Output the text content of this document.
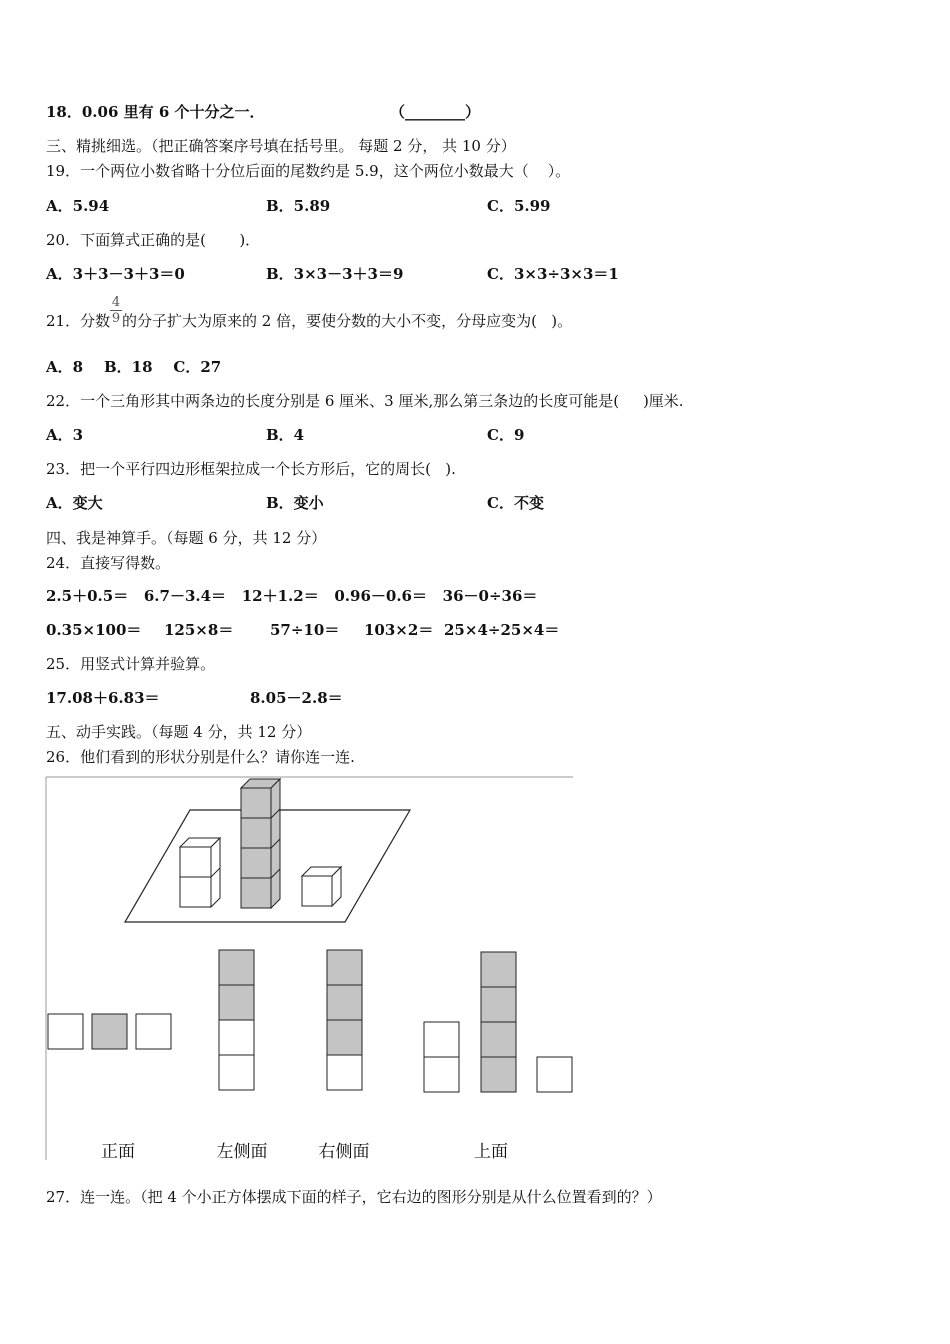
18．0.06 里有 6 个十分之一．	（________）
三、精挑细选。（把正确答案序号填在括号里。 每题 2 分， 共 10 分）
19．一个两位小数省略十分位后面的尾数约是 5.9，这个两位小数最大（    ）。
A．5.94	B．5.89	C．5.99
20．下面算式正确的是(       )．
A．3＋3－3＋3＝0	B．3×3－3＋3＝9	C．3×3÷3×3＝1
21．分数
4
9 的分子扩大为原来的 2 倍，要使分数的大小不变，分母应变为(   )。
A．8    B．18    C．27
22．一个三角形其中两条边的长度分别是 6 厘米、3 厘米,那么第三条边的长度可能是(     )厘米.
A．3	B．4	C．9
23．把一个平行四边形框架拉成一个长方形后，它的周长(   ).
A．变大	B．变小	C．不变
四、我是神算手。（每题 6 分，共 12 分）
24．直接写得数。
2.5＋0.5＝   6.7－3.4＝   12＋1.2＝   0.96－0.6＝   36－0÷36＝
0.35×100＝ 125×8＝ 57÷10＝ 103×2＝ 25×4÷25×4＝
25．用竖式计算并验算。
17.08＋6.83＝	8.05－2.8＝
五、动手实践。（每题 4 分，共 12 分）
26．他们看到的形状分别是什么？请你连一连.
正面	左侧面	右侧面	上面
27．连一连。（把 4 个小正方体摆成下面的样子，它右边的图形分别是从什么位置看到的？）
